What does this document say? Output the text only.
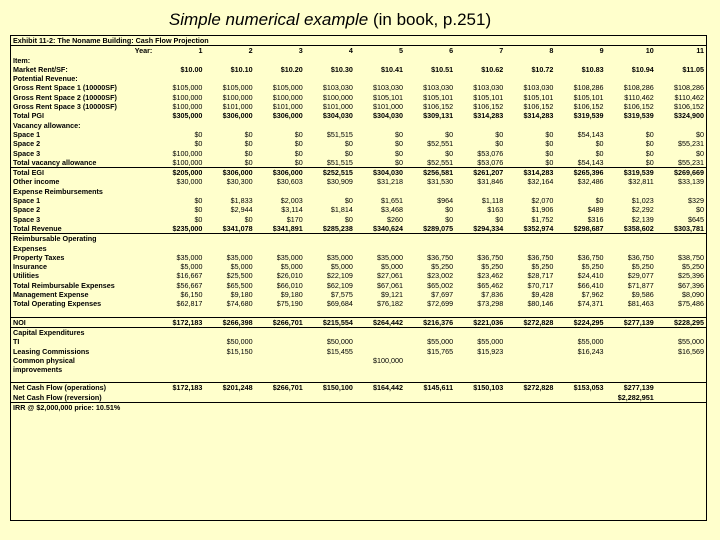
Simple numerical example (in book, p.251)
Exhibit 11-2: The Noname Building: Cash Flow Projection											
Year:	1	2	3	4	5	6	7	8	9	10	11
Item:											
Market Rent/SF:	$10.00	$10.10	$10.20	$10.30	$10.41	$10.51	$10.62	$10.72	$10.83	$10.94	$11.05
Potential Revenue:											
Gross Rent Space 1 (10000SF)	$105,000	$105,000	$105,000	$103,030	$103,030	$103,030	$103,030	$103,030	$108,286	$108,286	$108,286
Gross Rent Space 2 (10000SF)	$100,000	$100,000	$100,000	$100,000	$105,101	$105,101	$105,101	$105,101	$105,101	$110,462	$110,462
Gross Rent Space 3 (10000SF)	$100,000	$101,000	$101,000	$101,000	$101,000	$106,152	$106,152	$106,152	$106,152	$106,152	$106,152
Total PGI	$305,000	$306,000	$306,000	$304,030	$304,030	$309,131	$314,283	$314,283	$319,539	$319,539	$324,900
Vacancy allowance:											
Space 1	$0	$0	$0	$51,515	$0	$0	$0	$0	$54,143	$0	$0
Space 2	$0	$0	$0	$0	$0	$52,551	$0	$0	$0	$0	$55,231
Space 3	$100,000	$0	$0	$0	$0	$0	$53,076	$0	$0	$0	$0
Total vacancy allowance	$100,000	$0	$0	$51,515	$0	$52,551	$53,076	$0	$54,143	$0	$55,231
Total EGI	$205,000	$306,000	$306,000	$252,515	$304,030	$256,581	$261,207	$314,283	$265,396	$319,539	$269,669
Other income	$30,000	$30,300	$30,603	$30,909	$31,218	$31,530	$31,846	$32,164	$32,486	$32,811	$33,139
Expense Reimbursements											
Space 1	$0	$1,833	$2,003	$0	$1,651	$964	$1,118	$2,070	$0	$1,023	$329
Space 2	$0	$2,944	$3,114	$1,814	$3,468	$0	$163	$1,906	$489	$2,292	$0
Space 3	$0	$0	$170	$0	$260	$0	$0	$1,752	$316	$2,139	$645
Total Revenue	$235,000	$341,078	$341,891	$285,238	$340,624	$289,075	$294,334	$352,974	$298,687	$358,602	$303,781
Reimbursable Operating											
Expenses											
Property Taxes	$35,000	$35,000	$35,000	$35,000	$35,000	$36,750	$36,750	$36,750	$36,750	$36,750	$38,750
Insurance	$5,000	$5,000	$5,000	$5,000	$5,000	$5,250	$5,250	$5,250	$5,250	$5,250	$5,250
Utilities	$16,667	$25,500	$26,010	$22,109	$27,061	$23,002	$23,462	$28,717	$24,410	$29,077	$25,396
Total Reimbursable Expenses	$56,667	$65,500	$66,010	$62,109	$67,061	$65,002	$65,462	$70,717	$66,410	$71,877	$67,396
Management Expense	$6,150	$9,180	$9,180	$7,575	$9,121	$7,697	$7,836	$9,428	$7,962	$9,586	$8,090
Total Operating Expenses	$62,817	$74,680	$75,190	$69,684	$76,182	$72,699	$73,298	$80,146	$74,371	$81,463	$75,486

NOI	$172,183	$266,398	$266,701	$215,554	$264,442	$216,376	$221,036	$272,828	$224,295	$277,139	$228,295
Capital Expenditures											
TI		$50,000		$50,000		$55,000	$55,000		$55,000		$55,000
Leasing Commissions		$15,150		$15,455		$15,765	$15,923		$16,243		$16,569
Common physical					$100,000						
improvements											

Net Cash Flow (operations)	$172,183	$201,248	$266,701	$150,100	$164,442	$145,611	$150,103	$272,828	$153,053	$277,139	
Net Cash Flow (reversion)										$2,282,951	
IRR @ $2,000,000 price: 10.51%											
